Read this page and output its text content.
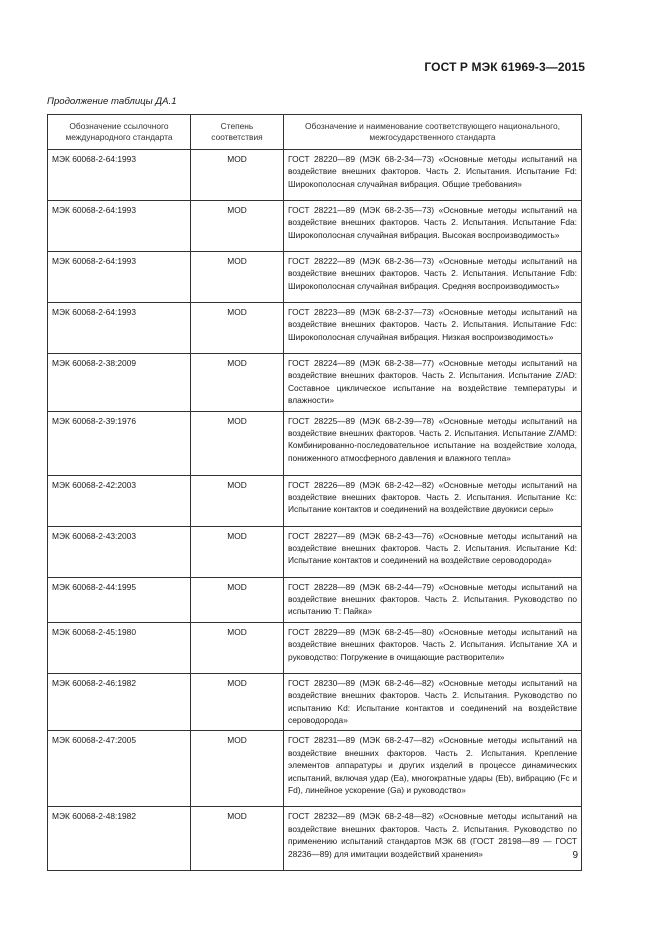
ГОСТ Р МЭК 61969-3—2015
Продолжение таблицы ДА.1
Обозначение ссылочного международного стандарта	Степень соответствия	Обозначение и наименование соответствующего национального, межгосударственного стандарта
МЭК 60068-2-64:1993	MOD	ГОСТ 28220—89 (МЭК 68-2-34—73) «Основные методы испытаний на воздействие внешних факторов. Часть 2. Испытания. Испытание Fd: Широкополосная случайная вибрация. Общие требования»
МЭК 60068-2-64:1993	MOD	ГОСТ 28221—89 (МЭК 68-2-35—73) «Основные методы испытаний на воздействие внешних факторов. Часть 2. Испытания. Испытание Fda: Широкополосная случайная вибрация. Высокая воспроизводимость»
МЭК 60068-2-64:1993	MOD	ГОСТ 28222—89 (МЭК 68-2-36—73) «Основные методы испытаний на воздействие внешних факторов. Часть 2. Испытания. Испытание Fdb: Широкополосная случайная вибрация. Средняя воспроизводимость»
МЭК 60068-2-64:1993	MOD	ГОСТ 28223—89 (МЭК 68-2-37—73) «Основные методы испытаний на воздействие внешних факторов. Часть 2. Испытания. Испытание Fdc: Широкополосная случайная вибрация. Низкая воспроизводимость»
МЭК 60068-2-38:2009	MOD	ГОСТ 28224—89 (МЭК 68-2-38—77) «Основные методы испытаний на воздействие внешних факторов. Часть 2. Испытания. Испытание Z/AD: Составное циклическое испытание на воздействие температуры и влажности»
МЭК 60068-2-39:1976	MOD	ГОСТ 28225—89 (МЭК 68-2-39—78) «Основные методы испытаний на воздействие внешних факторов. Часть 2. Испытания. Испытание Z/AMD: Комбинированно-последовательное испытание на воздействие холода, пониженного атмосферного давления и влажного тепла»
МЭК 60068-2-42:2003	MOD	ГОСТ 28226—89 (МЭК 68-2-42—82) «Основные методы испытаний на воздействие внешних факторов. Часть 2. Испытания. Испытание Кс: Испытание контактов и соединений на воздействие двуокиси серы»
МЭК 60068-2-43:2003	MOD	ГОСТ 28227—89 (МЭК 68-2-43—76) «Основные методы испытаний на воздействие внешних факторов. Часть 2. Испытания. Испытание Kd: Испытание контактов и соединений на воздействие сероводорода»
МЭК 60068-2-44:1995	MOD	ГОСТ 28228—89 (МЭК 68-2-44—79) «Основные методы испытаний на воздействие внешних факторов. Часть 2. Испытания. Руководство по испытанию Т: Пайка»
МЭК 60068-2-45:1980	MOD	ГОСТ 28229—89 (МЭК 68-2-45—80) «Основные методы испытаний на воздействие внешних факторов. Часть 2. Испытания. Испытание ХА и руководство: Погружение в очищающие растворители»
МЭК 60068-2-46:1982	MOD	ГОСТ 28230—89 (МЭК 68-2-46—82) «Основные методы испытаний на воздействие внешних факторов. Часть 2. Испытания. Руководство по испытанию Kd: Испытание контактов и соединений на воздействие сероводорода»
МЭК 60068-2-47:2005	MOD	ГОСТ 28231—89 (МЭК 68-2-47—82) «Основные методы испытаний на воздействие внешних факторов. Часть 2. Испытания. Крепление элементов аппаратуры и других изделий в процессе динамических испытаний, включая удар (Еа), многократные удары (Eb), вибрацию (Fc и Fd), линейное ускорение (Ga) и руководство»
МЭК 60068-2-48:1982	MOD	ГОСТ 28232—89 (МЭК 68-2-48—82) «Основные методы испытаний на воздействие внешних факторов. Часть 2. Испытания. Руководство по применению испытаний стандартов МЭК 68 (ГОСТ 28198—89 — ГОСТ 28236—89) для имитации воздействий хранения»	9
